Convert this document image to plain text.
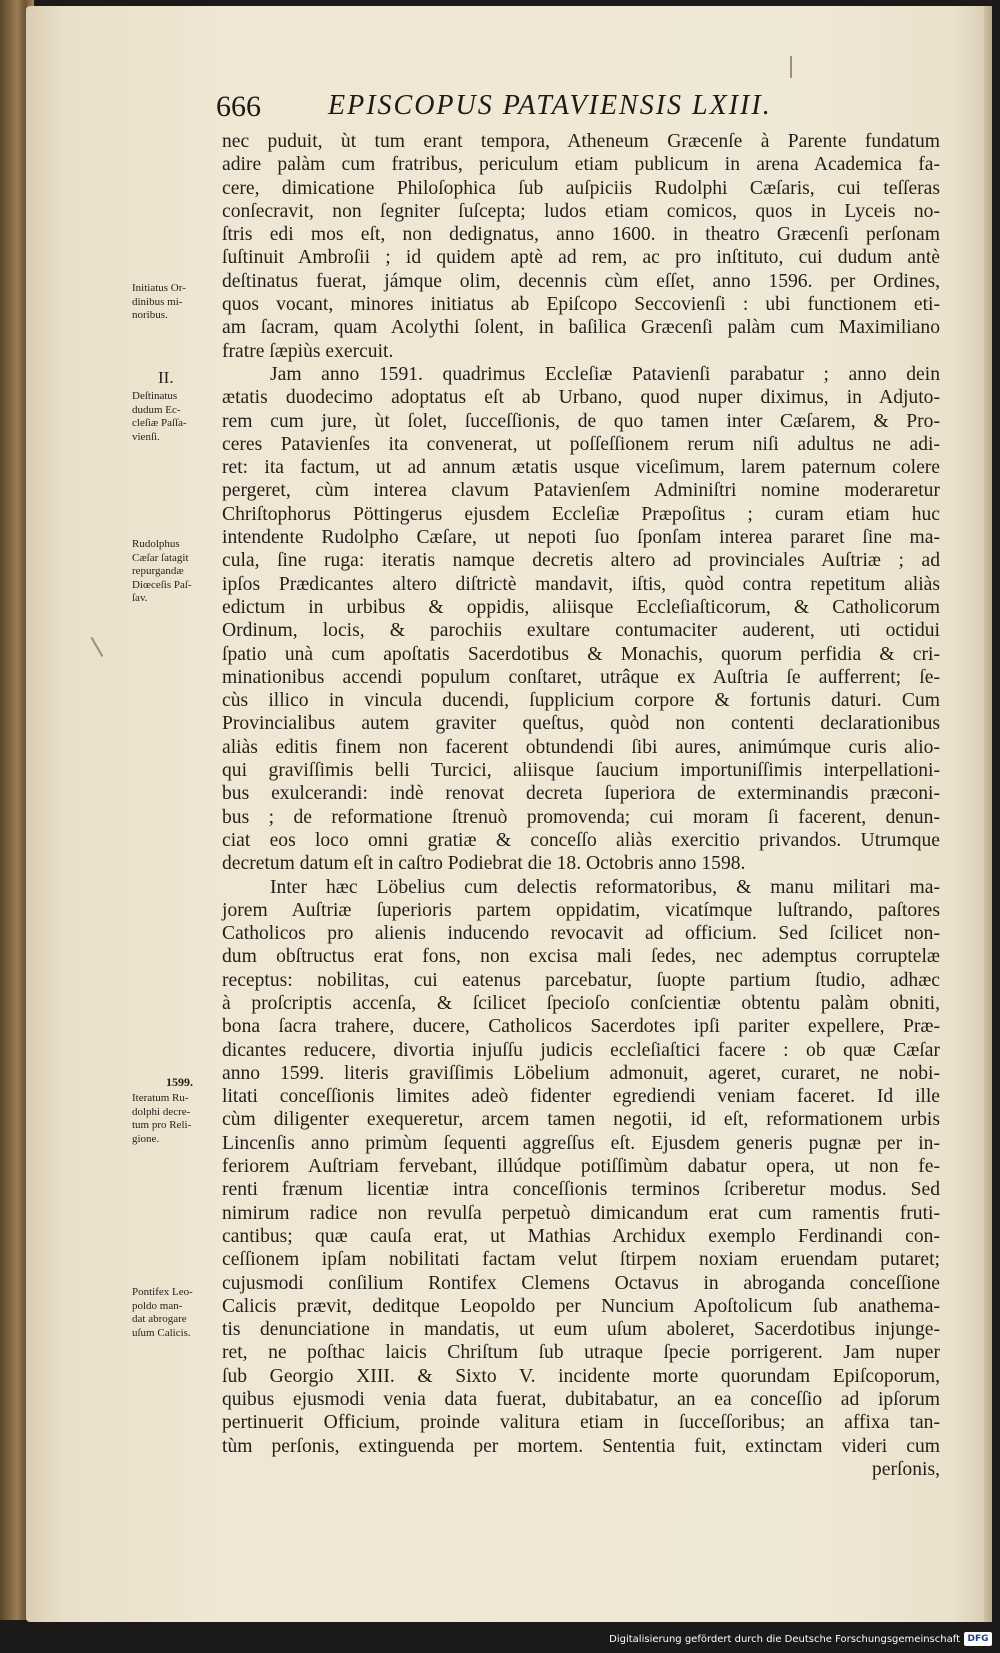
666 EPISCOPUS PATAVIENSIS LXIII.
nec puduit, ùt tum erant tempora, Atheneum Græcenſe à Parente fundatum
adire palàm cum fratribus, periculum etiam publicum in arena Academica fa-
cere, dimicatione Philoſophica ſub auſpiciis Rudolphi Cæſaris, cui teſſeras
conſecravit, non ſegniter ſuſcepta; ludos etiam comicos, quos in Lyceis no-
ſtris edi mos eſt, non dedignatus, anno 1600. in theatro Græcenſi perſonam
ſuſtinuit Ambroſii ; id quidem aptè ad rem, ac pro inſtituto, cui dudum antè
deſtinatus fuerat, jámque olim, decennis cùm eſſet, anno 1596. per Ordines,
quos vocant, minores initiatus ab Epiſcopo Seccovienſi : ubi functionem eti-
am ſacram, quam Acolythi ſolent, in baſilica Græcenſi palàm cum Maximiliano
fratre ſæpiùs exercuit.
Jam anno 1591. quadrimus Eccleſiæ Patavienſi parabatur ; anno dein
ætatis duodecimo adoptatus eſt ab Urbano, quod nuper diximus, in Adjuto-
rem cum jure, ùt ſolet, ſucceſſionis, de quo tamen inter Cæſarem, & Pro-
ceres Patavienſes ita convenerat, ut poſſeſſionem rerum niſi adultus ne adi-
ret: ita factum, ut ad annum ætatis usque viceſimum, larem paternum colere
pergeret, cùm interea clavum Patavienſem Adminiſtri nomine moderaretur
Chriſtophorus Pöttingerus ejusdem Eccleſiæ Præpoſitus ; curam etiam huc
intendente Rudolpho Cæſare, ut nepoti ſuo ſponſam interea pararet ſine ma-
cula, ſine ruga: iteratis namque decretis altero ad provinciales Auſtriæ ; ad
ipſos Prædicantes altero diſtrictè mandavit, iſtis, quòd contra repetitum aliàs
edictum in urbibus & oppidis, aliisque Eccleſiaſticorum, & Catholicorum
Ordinum, locis, & parochiis exultare contumaciter auderent, uti octidui
ſpatio unà cum apoſtatis Sacerdotibus & Monachis, quorum perfidia & cri-
minationibus accendi populum conſtaret, utrâque ex Auſtria ſe aufferrent; ſe-
cùs illico in vincula ducendi, ſupplicium corpore & fortunis daturi. Cum
Provincialibus autem graviter queſtus, quòd non contenti declarationibus
aliàs editis finem non facerent obtundendi ſibi aures, animúmque curis alio-
qui graviſſimis belli Turcici, aliisque ſaucium importuniſſimis interpellationi-
bus exulcerandi: indè renovat decreta ſuperiora de exterminandis præconi-
bus ; de reformatione ſtrenuò promovenda; cui moram ſi facerent, denun-
ciat eos loco omni gratiæ & conceſſo aliàs exercitio privandos. Utrumque
decretum datum eſt in caſtro Podiebrat die 18. Octobris anno 1598.
Inter hæc Löbelius cum delectis reformatoribus, & manu militari ma-
jorem Auſtriæ ſuperioris partem oppidatim, vicatímque luſtrando, paſtores
Catholicos pro alienis inducendo revocavit ad officium. Sed ſcilicet non-
dum obſtructus erat fons, non excisa mali ſedes, nec ademptus corruptelæ
receptus: nobilitas, cui eatenus parcebatur, ſuopte partium ſtudio, adhæc
à proſcriptis accenſa, & ſcilicet ſpecioſo conſcientiæ obtentu palàm obniti,
bona ſacra trahere, ducere, Catholicos Sacerdotes ipſi pariter expellere, Præ-
dicantes reducere, divortia injuſſu judicis eccleſiaſtici facere : ob quæ Cæſar
anno 1599. literis graviſſimis Löbelium admonuit, ageret, curaret, ne nobi-
litati conceſſionis limites adeò fidenter egrediendi veniam faceret. Id ille
cùm diligenter exequeretur, arcem tamen negotii, id eſt, reformationem urbis
Lincenſis anno primùm ſequenti aggreſſus eſt. Ejusdem generis pugnæ per in-
feriorem Auſtriam fervebant, illúdque potiſſimùm dabatur opera, ut non fe-
renti frænum licentiæ intra conceſſionis terminos ſcriberetur modus. Sed
nimirum radice non revulſa perpetuò dimicandum erat cum ramentis fruti-
cantibus; quæ cauſa erat, ut Mathias Archidux exemplo Ferdinandi con-
ceſſionem ipſam nobilitati factam velut ſtirpem noxiam eruendam putaret;
cujusmodi conſilium Rontifex Clemens Octavus in abroganda conceſſione
Calicis prævit, deditque Leopoldo per Nuncium Apoſtolicum ſub anathema-
tis denunciatione in mandatis, ut eum uſum aboleret, Sacerdotibus injunge-
ret, ne poſthac laicis Chriſtum ſub utraque ſpecie porrigerent. Jam nuper
ſub Georgio XIII. & Sixto V. incidente morte quorundam Epiſcoporum,
quibus ejusmodi venia data fuerat, dubitabatur, an ea conceſſio ad ipſorum
pertinuerit Officium, proinde valitura etiam in ſucceſſoribus; an affixa tan-
tùm perſonis, extinguenda per mortem. Sententia fuit, extinctam videri cum
perſonis,
Initiatus Or-
dinibus mi-
noribus.
II.
Deſtinatus
dudum Ec-
cleſiæ Paſſa-
vienſi.
Rudolphus
Cæſar ſatagit
repurgandæ
Diœceſis Paſ-
ſav.
1599.
Iteratum Ru-
dolphi decre-
tum pro Reli-
gione.
Pontifex Leo-
poldo man-
dat abrogare
uſum Calicis.
Digitalisierung gefördert durch die Deutsche Forschungsgemeinschaft DFG
